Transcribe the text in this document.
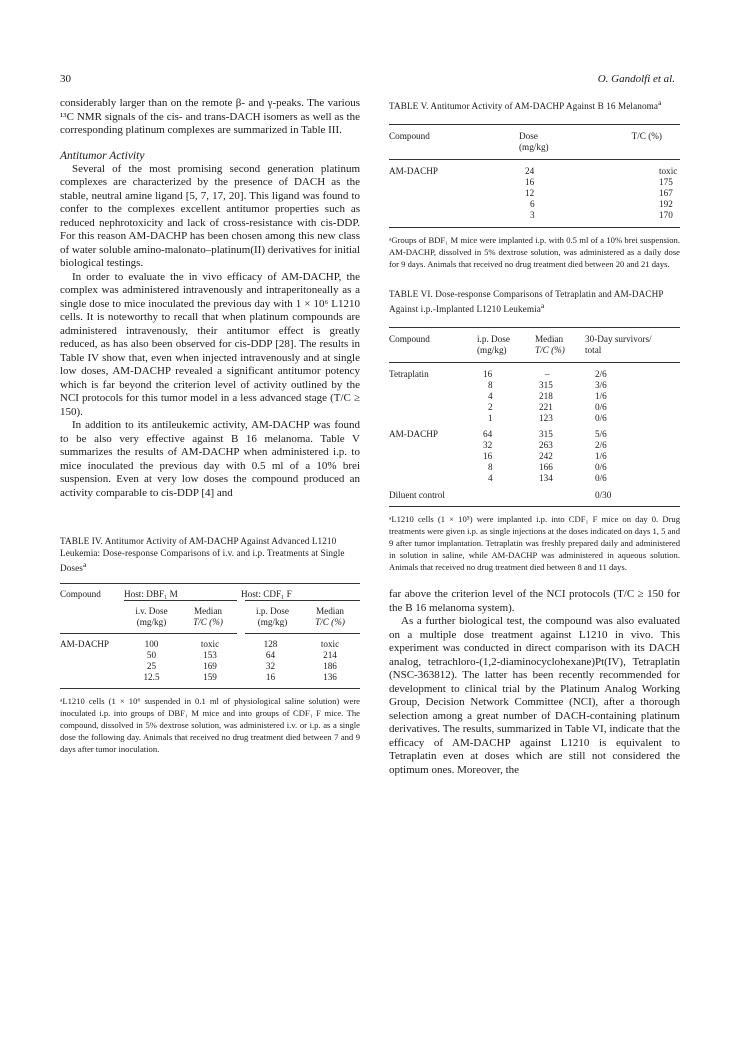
30	O. Gandolfi et al.

considerably larger than on the remote β- and γ-peaks. The various ¹³C NMR signals of the cis- and trans-DACH isomers as well as the corresponding platinum complexes are summarized in Table III.

Antitumor Activity

Several of the most promising second generation platinum complexes are characterized by the presence of DACH as the stable, neutral amine ligand [5, 7, 17, 20]. This ligand was found to confer to the complexes excellent antitumor properties such as reduced nephrotoxicity and lack of cross-resistance with cis-DDP. For this reason AM-DACHP has been chosen among this new class of water soluble amino-malonato–platinum(II) derivatives for initial biological testings.

In order to evaluate the in vivo efficacy of AM-DACHP, the complex was administered intravenously and intraperitoneally as a single dose to mice inoculated the previous day with 1 × 10⁶ L1210 cells. It is noteworthy to recall that when platinum compounds are administered intravenously, their antitumor effect is greatly reduced, as has also been observed for cis-DDP [28]. The results in Table IV show that, even when injected intravenously and at single low doses, AM-DACHP revealed a significant antitumor potency which is far beyond the criterion level of activity outlined by the NCI protocols for this tumor model in a less advanced stage (T/C ≥ 150).

In addition to its antileukemic activity, AM-DACHP was found to be also very effective against B 16 melanoma. Table V summarizes the results of AM-DACHP when administered i.p. to mice inoculated the previous day with 0.5 ml of a 10% brei suspension. Even at very low doses the compound produced an activity comparable to cis-DDP [4] and

TABLE IV. Antitumor Activity of AM-DACHP Against Advanced L1210 Leukemia: Dose-response Comparisons of i.v. and i.p. Treatments at Single Doses$^a$
Compound	Host: DBF₁ M		Host: CDF₁ F	
	i.v. Dose	Median	i.p. Dose	Median
	(mg/kg)	T/C (%)	(mg/kg)	T/C (%)
AM-DACHP	100	toxic	128	toxic
	50	153	64	214
	25	169	32	186
	12.5	159	16	136
ᵃL1210 cells (1 × 10⁶ suspended in 0.1 ml of physiological saline solution) were inoculated i.p. into groups of DBF₁ M mice and into groups of CDF₁ F mice. The compound, dissolved in 5% dextrose solution, was administered i.v. or i.p. as a single dose the following day. Animals that received no drug treatment died between 7 and 9 days after tumor inoculation.
TABLE V. Antitumor Activity of AM-DACHP Against B 16 Melanoma$^a$
Compound	Dose	T/C (%)
	(mg/kg)	
AM-DACHP	24	toxic
	16	175
	12	167
	6	192
	3	170
ᵃGroups of BDF₁ M mice were implanted i.p. with 0.5 ml of a 10% brei suspension. AM-DACHP, dissolved in 5% dextrose solution, was administered as a daily dose for 9 days. Animals that received no drug treatment died between 20 and 21 days.
TABLE VI. Dose-response Comparisons of Tetraplatin and AM-DACHP Against i.p.-Implanted L1210 Leukemia$^a$
Compound	i.p. Dose	Median	30-Day survivors/
	(mg/kg)	T/C (%)	total
Tetraplatin	16	–	2/6
	8	315	3/6
	4	218	1/6
	2	221	0/6
	1	123	0/6
AM-DACHP	64	315	5/6
	32	263	2/6
	16	242	1/6
	8	166	0/6
	4	134	0/6
Diluent control			0/30
ᵃL1210 cells (1 × 10⁵) were implanted i.p. into CDF₁ F mice on day 0. Drug treatments were given i.p. as single injections at the doses indicated on days 1, 5 and 9 after tumor implantation. Tetraplatin was freshly prepared daily and administered in solution in saline, while AM-DACHP was administered in aqueous solution. Animals that received no drug treatment died between 8 and 11 days.

far above the criterion level of the NCI protocols (T/C ≥ 150 for the B 16 melanoma system).

As a further biological test, the compound was also evaluated on a multiple dose treatment against L1210 in vivo. This experiment was conducted in direct comparison with its DACH analog, tetrachloro-(1,2-diaminocyclohexane)Pt(IV), Tetraplatin (NSC-363812). The latter has been recently recommended for development to clinical trial by the Platinum Analog Working Group, Decision Network Committee (NCI), after a thorough selection among a great number of DACH-containing platinum derivatives. The results, summarized in Table VI, indicate that the efficacy of AM-DACHP against L1210 is equivalent to Tetraplatin even at doses which are still not considered the optimum ones. Moreover, the
